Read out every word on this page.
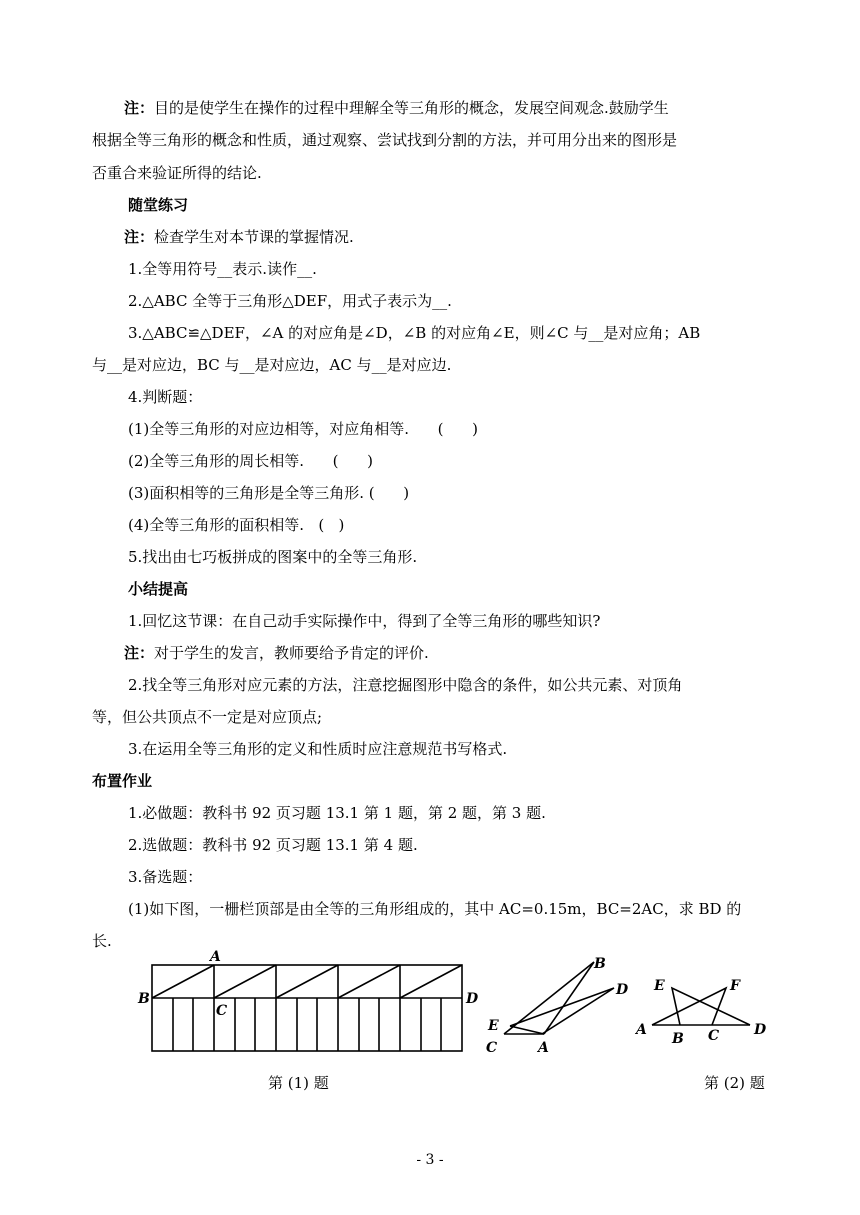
注：目的是使学生在操作的过程中理解全等三角形的概念，发展空间观念.鼓励学生
根据全等三角形的概念和性质，通过观察、尝试找到分割的方法，并可用分出来的图形是
否重合来验证所得的结论.
随堂练习
注：检查学生对本节课的掌握情况.
1.全等用符号__表示.读作__.
2.△ABC 全等于三角形△DEF，用式子表示为__.
3.△ABC≌△DEF，∠A 的对应角是∠D，∠B 的对应角∠E，则∠C 与__是对应角；AB
与__是对应边，BC 与__是对应边，AC 与__是对应边.
4.判断题：
(1)全等三角形的对应边相等，对应角相等.      (      )
(2)全等三角形的周长相等.      (      )
(3)面积相等的三角形是全等三角形. (      )
(4)全等三角形的面积相等.   (   )
5.找出由七巧板拼成的图案中的全等三角形.
小结提高
1.回忆这节课：在自己动手实际操作中，得到了全等三角形的哪些知识?
注：对于学生的发言，教师要给予肯定的评价.
2.找全等三角形对应元素的方法，注意挖掘图形中隐含的条件，如公共元素、对顶角
等，但公共顶点不一定是对应顶点;
3.在运用全等三角形的定义和性质时应注意规范书写格式.
布置作业
1.必做题：教科书 92 页习题 13.1 第 1 题，第 2 题，第 3 题.
2.选做题：教科书 92 页习题 13.1 第 4 题.
3.备选题：
(1)如下图，一栅栏顶部是由全等的三角形组成的，其中 AC=0.15m，BC=2AC，求 BD 的
长.
A
B
C
D
B
D
E
C	A
E	F
A
B C D
第 (1) 题	第 (2) 题
- 3 -
